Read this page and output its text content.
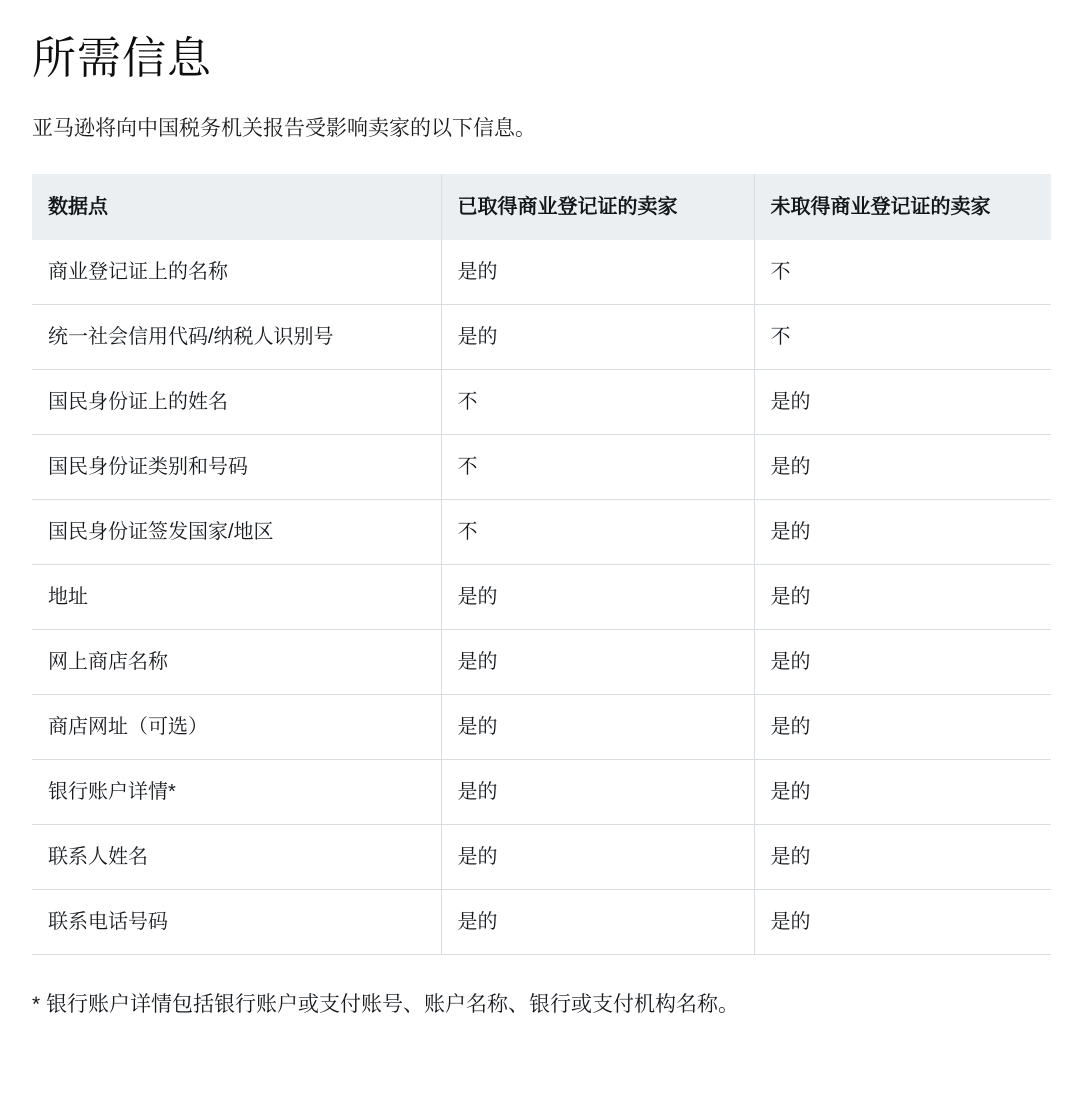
所需信息

亚马逊将向中国税务机关报告受影响卖家的以下信息。

数据点	已取得商业登记证的卖家	未取得商业登记证的卖家
商业登记证上的名称	是的	不
统一社会信用代码/纳税人识别号	是的	不
国民身份证上的姓名	不	是的
国民身份证类别和号码	不	是的
国民身份证签发国家/地区	不	是的
地址	是的	是的
网上商店名称	是的	是的
商店网址（可选）	是的	是的
银行账户详情*	是的	是的
联系人姓名	是的	是的
联系电话号码	是的	是的

* 银行账户详情包括银行账户或支付账号、账户名称、银行或支付机构名称。
